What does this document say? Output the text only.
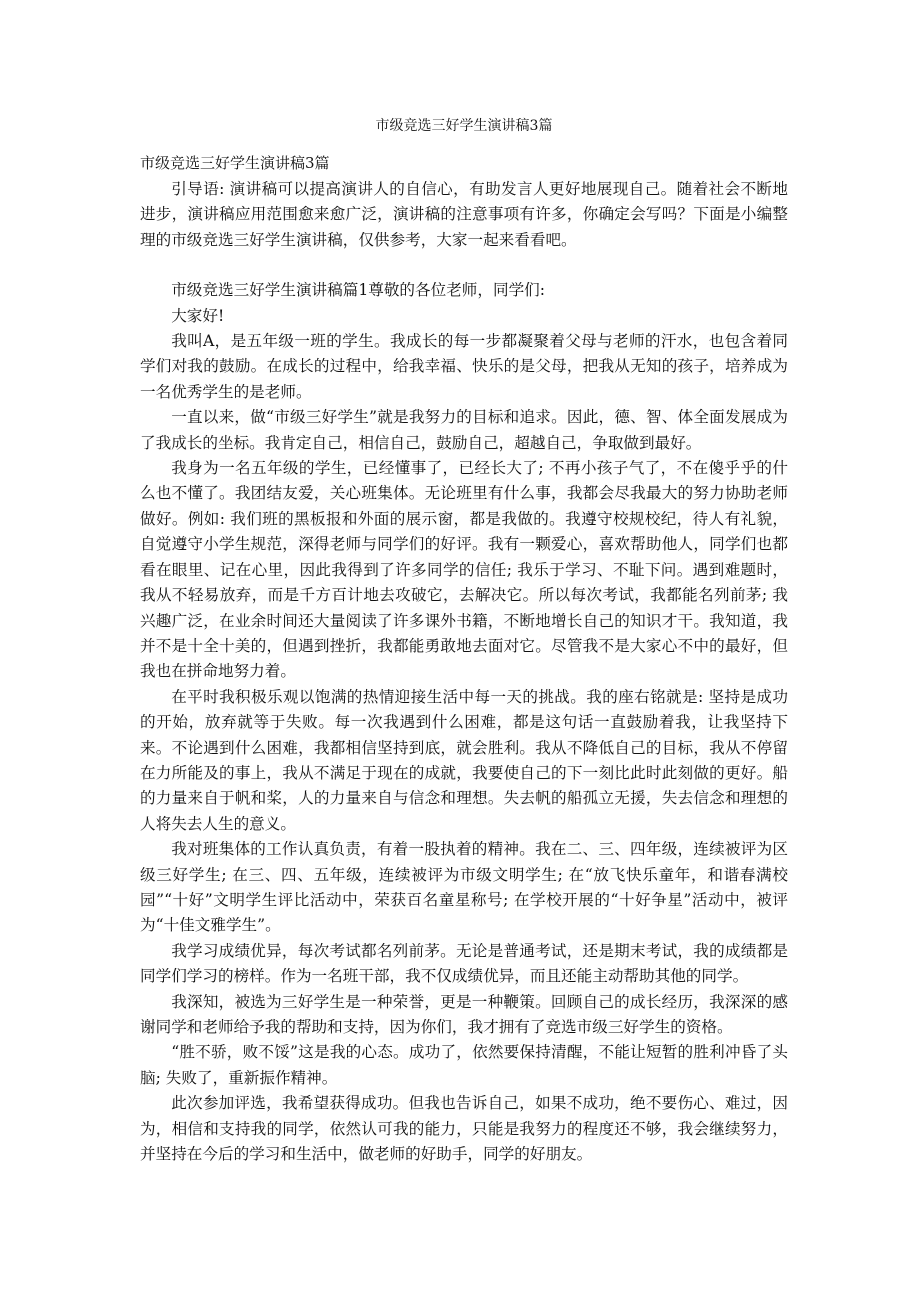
市级竞选三好学生演讲稿3篇
市级竞选三好学生演讲稿3篇

引导语: 演讲稿可以提高演讲人的自信心，有助发言人更好地展现自己。随着社会不断地进步，演讲稿应用范围愈来愈广泛，演讲稿的注意事项有许多，你确定会写吗？下面是小编整理的市级竞选三好学生演讲稿，仅供参考，大家一起来看看吧。

市级竞选三好学生演讲稿篇1尊敬的各位老师，同学们:

大家好!

我叫A，是五年级一班的学生。我成长的每一步都凝聚着父母与老师的汗水，也包含着同学们对我的鼓励。在成长的过程中，给我幸福、快乐的是父母，把我从无知的孩子，培养成为一名优秀学生的是老师。

一直以来，做“市级三好学生”就是我努力的目标和追求。因此，德、智、体全面发展成为了我成长的坐标。我肯定自己，相信自己，鼓励自己，超越自己，争取做到最好。

我身为一名五年级的学生，已经懂事了，已经长大了; 不再小孩子气了，不在傻乎乎的什么也不懂了。我团结友爱，关心班集体。无论班里有什么事，我都会尽我最大的努力协助老师做好。例如: 我们班的黑板报和外面的展示窗，都是我做的。我遵守校规校纪，待人有礼貌，自觉遵守小学生规范，深得老师与同学们的好评。我有一颗爱心，喜欢帮助他人，同学们也都看在眼里、记在心里，因此我得到了许多同学的信任; 我乐于学习、不耻下问。遇到难题时，我从不轻易放弃，而是千方百计地去攻破它，去解决它。所以每次考试，我都能名列前茅; 我兴趣广泛，在业余时间还大量阅读了许多课外书籍，不断地增长自己的知识才干。我知道，我并不是十全十美的，但遇到挫折，我都能勇敢地去面对它。尽管我不是大家心不中的最好，但我也在拼命地努力着。

在平时我积极乐观以饱满的热情迎接生活中每一天的挑战。我的座右铭就是: 坚持是成功的开始，放弃就等于失败。每一次我遇到什么困难，都是这句话一直鼓励着我，让我坚持下来。不论遇到什么困难，我都相信坚持到底，就会胜利。我从不降低自己的目标，我从不停留在力所能及的事上，我从不满足于现在的成就，我要使自己的下一刻比此时此刻做的更好。船的力量来自于帆和桨，人的力量来自与信念和理想。失去帆的船孤立无援，失去信念和理想的人将失去人生的意义。

我对班集体的工作认真负责，有着一股执着的精神。我在二、三、四年级，连续被评为区级三好学生; 在三、四、五年级，连续被评为市级文明学生; 在“放飞快乐童年，和谐春满校园”“十好”文明学生评比活动中，荣获百名童星称号; 在学校开展的“十好争星”活动中，被评为“十佳文雅学生”。

我学习成绩优异，每次考试都名列前茅。无论是普通考试，还是期末考试，我的成绩都是同学们学习的榜样。作为一名班干部，我不仅成绩优异，而且还能主动帮助其他的同学。

我深知，被选为三好学生是一种荣誉，更是一种鞭策。回顾自己的成长经历，我深深的感谢同学和老师给予我的帮助和支持，因为你们，我才拥有了竞选市级三好学生的资格。

“胜不骄，败不馁”这是我的心态。成功了，依然要保持清醒，不能让短暂的胜利冲昏了头脑; 失败了，重新振作精神。

此次参加评选，我希望获得成功。但我也告诉自己，如果不成功，绝不要伤心、难过，因为，相信和支持我的同学，依然认可我的能力，只能是我努力的程度还不够，我会继续努力，并坚持在今后的学习和生活中，做老师的好助手，同学的好朋友。
